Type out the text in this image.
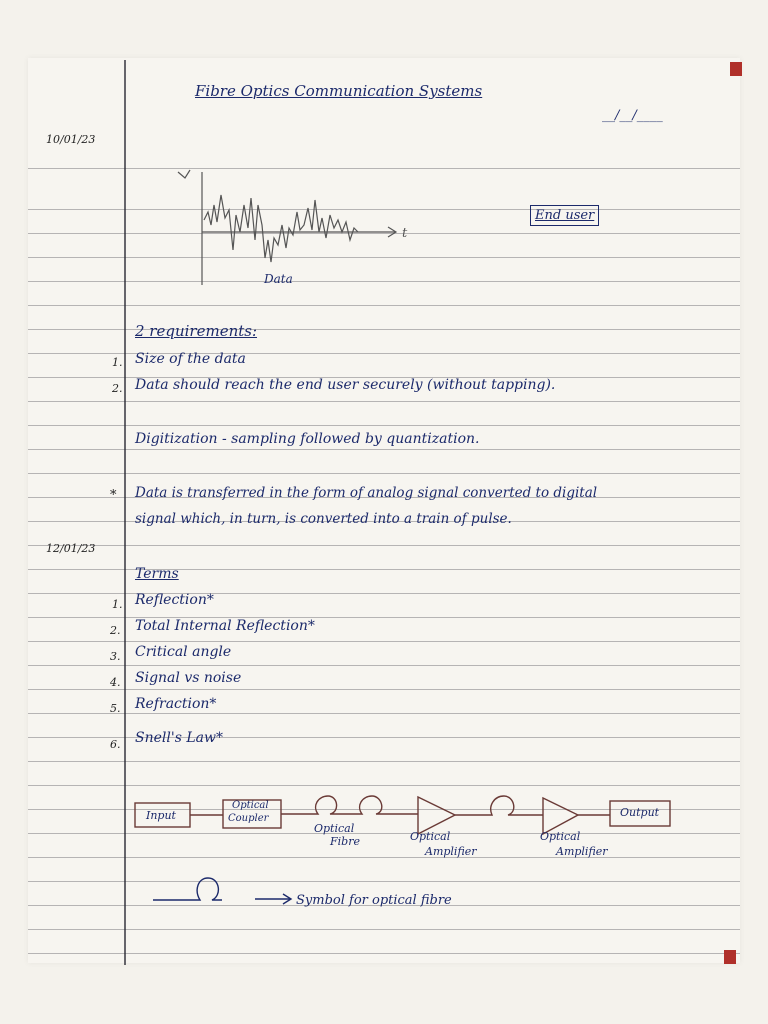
Fibre Optics Communication Systems
__/__/____
10/01/23
t
Data
End user
2 requirements:
1. Size of the data
2. Data should reach the end user securely (without tapping).
Digitization - sampling followed by quantization.
* Data is transferred in the form of analog signal converted to digital
signal which, in turn, is converted into a train of pulse.
12/01/23
Terms
1. Reflection*
2. Total Internal Reflection*
3. Critical angle
4. Signal vs noise
5. Refraction*
6. Snell's Law*
Input
Optical
Coupler
Optical
Fibre	Optical
Amplifier
Optical
Amplifier
Output
Symbol for optical fibre
